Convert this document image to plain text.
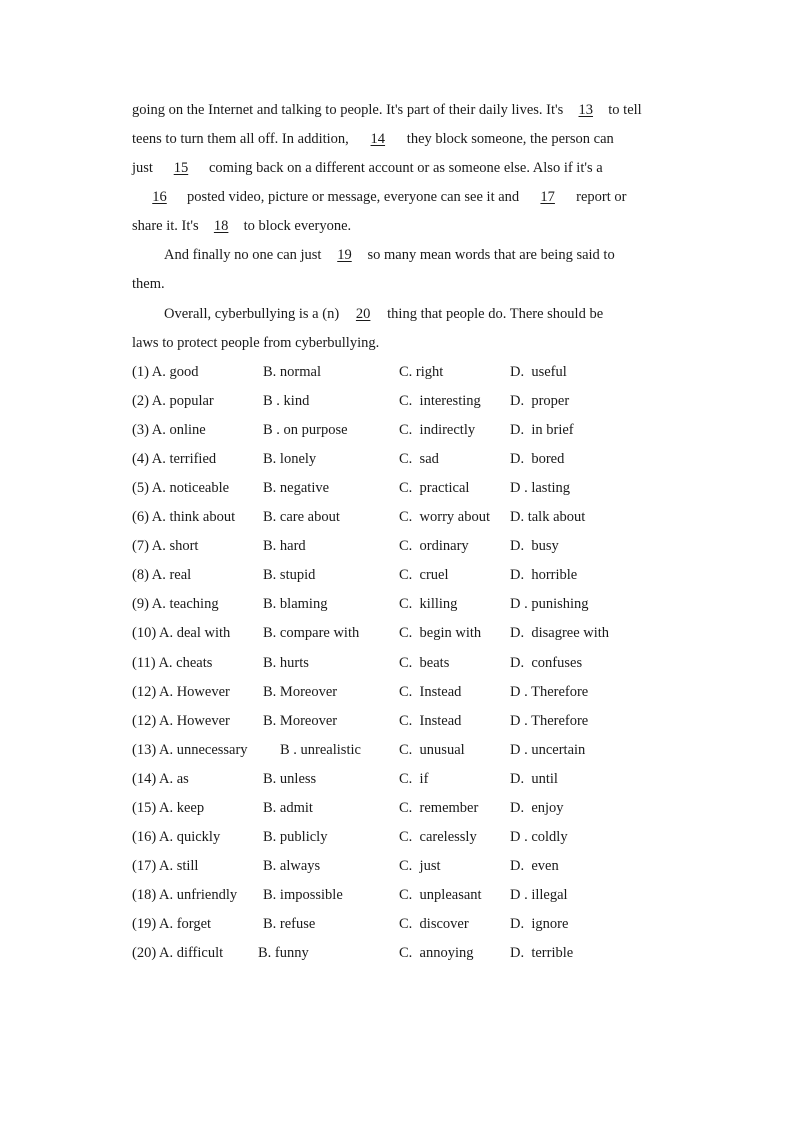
going on the Internet and talking to people. It's part of their daily lives. It's 13 to tell
teens to turn them all off. In addition, 14 they block someone, the person can
just 15 coming back on a different account or as someone else. Also if it's a
16 posted video, picture or message, everyone can see it and 17 report or
share it. It's 18 to block everyone.
And finally no one can just 19 so many mean words that are being said to
them.
Overall, cyberbullying is a (n) 20 thing that people do. There should be
laws to protect people from cyberbullying.
(1) A. good	B. normal	C. right	D.  useful
(2) A. popular	B . kind	C.  interesting D.  proper
(3) A. online	B . on purpose	C.  indirectly D.  in brief
(4) A. terrified	B. lonely	C.  sad	D.  bored
(5) A. noticeable B. negative	C.  practical	D . lasting
(6) A. think about B. care about	C.  worry about D. talk about
(7) A. short	B. hard	C.  ordinary	D.  busy
(8) A. real	B. stupid	C.  cruel	D.  horrible
(9) A. teaching	B. blaming	C.  killing	D . punishing
(10) A. deal with B. compare with	C.  begin with D.  disagree with
(11) A. cheats	B. hurts	C.  beats	D.  confuses
(12) A. However B. Moreover	C.  Instead	D . Therefore
(12) A. However B. Moreover	C.  Instead	D . Therefore
(13) A. unnecessary B . unrealistic	C.  unusual	D . uncertain
(14) A. as	B. unless	C.  if	D.  until
(15) A. keep	B. admit	C.  remember D.  enjoy
(16) A. quickly	B. publicly	C.  carelessly D . coldly
(17) A. still	B. always	C.  just	D.  even
(18) A. unfriendly B. impossible	C.  unpleasant D . illegal
(19) A. forget	B. refuse	C.  discover	D.  ignore
(20) A. difficult B. funny	C.  annoying	D.  terrible
